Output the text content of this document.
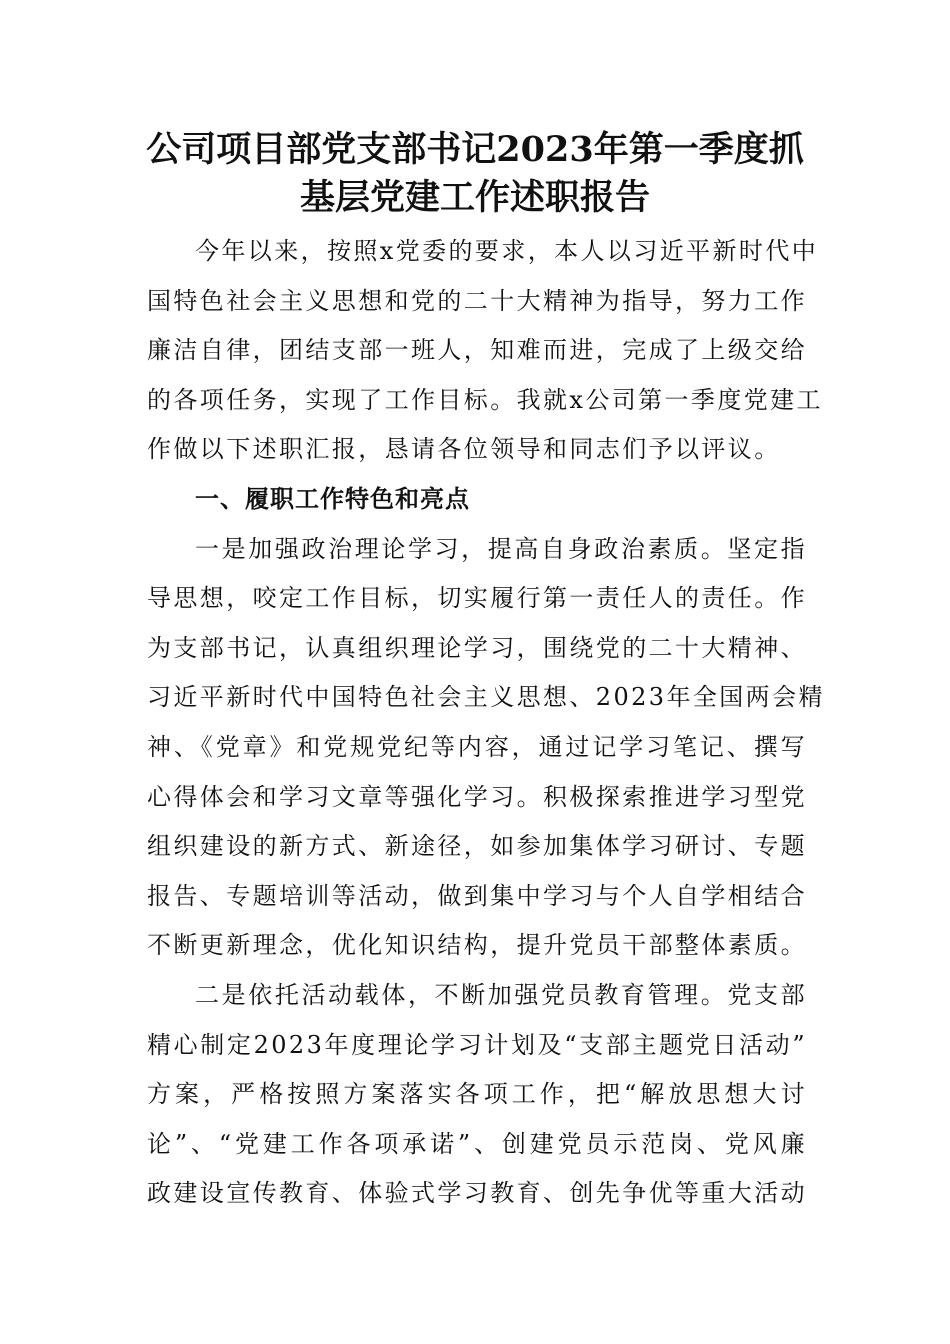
公司项目部党支部书记2023年第一季度抓
基层党建工作述职报告

今年以来，按照x党委的要求，本人以习近平新时代中
国特色社会主义思想和党的二十大精神为指导，努力工作
廉洁自律，团结支部一班人，知难而进，完成了上级交给
的各项任务，实现了工作目标。我就x公司第一季度党建工
作做以下述职汇报，恳请各位领导和同志们予以评议。

一、履职工作特色和亮点

一是加强政治理论学习，提高自身政治素质。坚定指
导思想，咬定工作目标，切实履行第一责任人的责任。作
为支部书记，认真组织理论学习，围绕党的二十大精神、
习近平新时代中国特色社会主义思想、2023年全国两会精
神、《党章》和党规党纪等内容，通过记学习笔记、撰写
心得体会和学习文章等强化学习。积极探索推进学习型党
组织建设的新方式、新途径，如参加集体学习研讨、专题
报告、专题培训等活动，做到集中学习与个人自学相结合
不断更新理念，优化知识结构，提升党员干部整体素质。

二是依托活动载体，不断加强党员教育管理。党支部
精心制定2023年度理论学习计划及“支部主题党日活动”
方案，严格按照方案落实各项工作，把“解放思想大讨
论”、“党建工作各项承诺”、创建党员示范岗、党风廉
政建设宣传教育、体验式学习教育、创先争优等重大活动
